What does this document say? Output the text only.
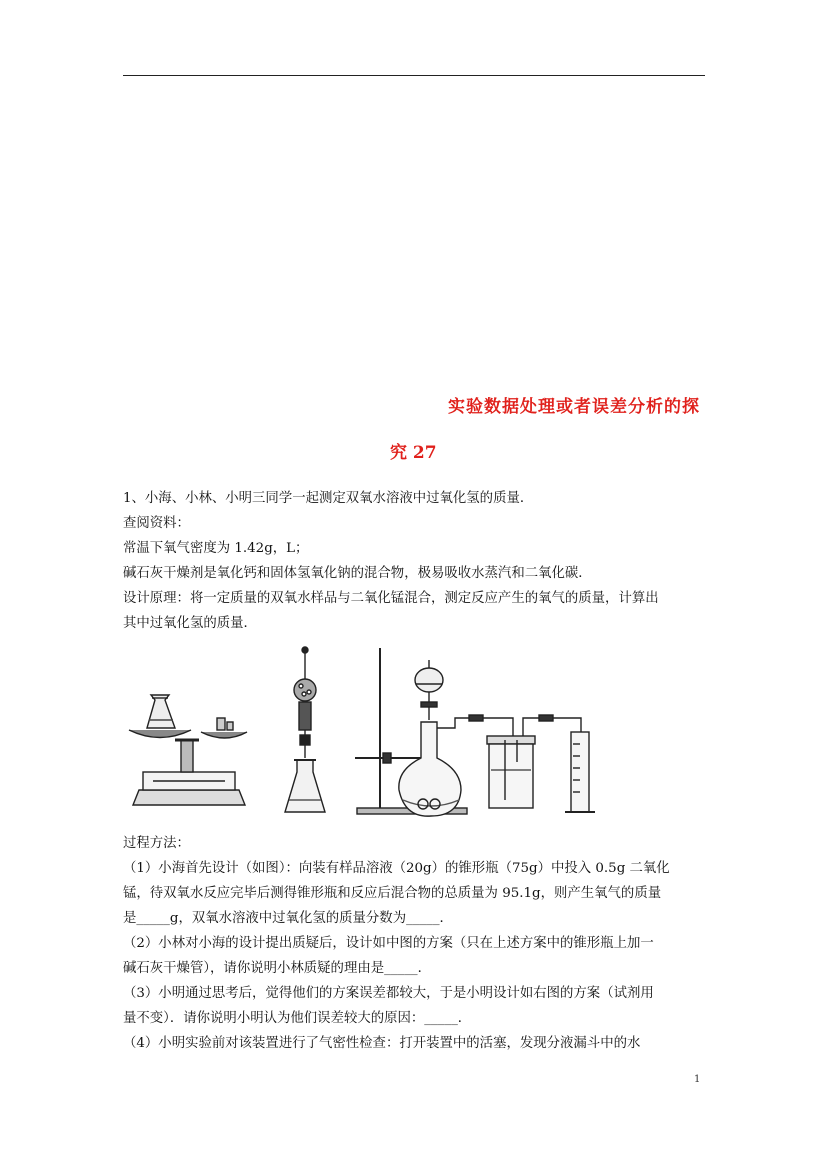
实验数据处理或者误差分析的探
究 27
1、小海、小林、小明三同学一起测定双氧水溶液中过氧化氢的质量．
查阅资料：
常温下氧气密度为 1.42g，L；
碱石灰干燥剂是氧化钙和固体氢氧化钠的混合物，极易吸收水蒸汽和二氧化碳．
设计原理：将一定质量的双氧水样品与二氧化锰混合，测定反应产生的氧气的质量，计算出
其中过氧化氢的质量．
过程方法：
（1）小海首先设计（如图）：向装有样品溶液（20g）的锥形瓶（75g）中投入 0.5g 二氧化
锰，待双氧水反应完毕后测得锥形瓶和反应后混合物的总质量为 95.1g，则产生氧气的质量
是_____g，双氧水溶液中过氧化氢的质量分数为_____．
（2）小林对小海的设计提出质疑后，设计如中图的方案（只在上述方案中的锥形瓶上加一
碱石灰干燥管），请你说明小林质疑的理由是_____．
（3）小明通过思考后，觉得他们的方案误差都较大，于是小明设计如右图的方案（试剂用
量不变）．请你说明小明认为他们误差较大的原因：_____．
（4）小明实验前对该装置进行了气密性检查：打开装置中的活塞，发现分液漏斗中的水
1
